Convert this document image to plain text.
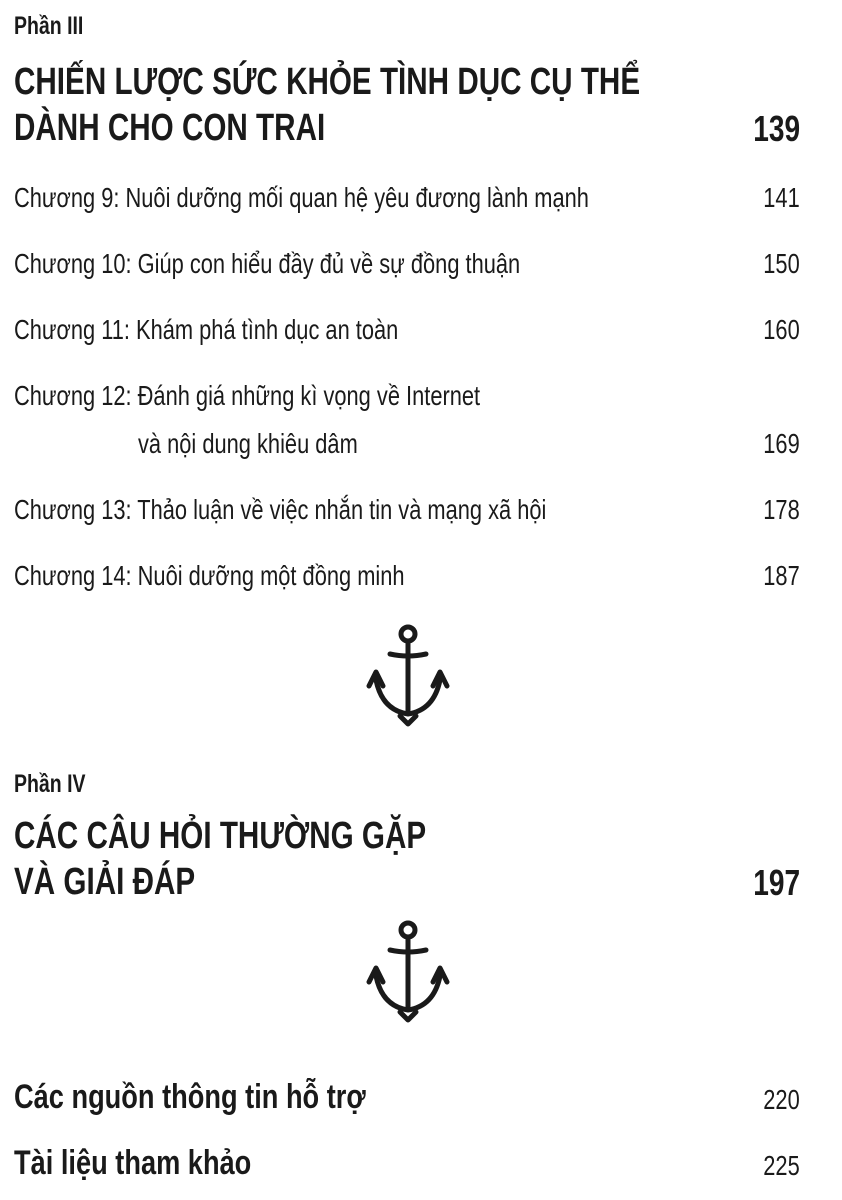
Phần III
CHIẾN LƯỢC SỨC KHỎE TÌNH DỤC CỤ THỂ
DÀNH CHO CON TRAI	139
Chương 9: Nuôi dưỡng mối quan hệ yêu đương lành mạnh	141
Chương 10: Giúp con hiểu đầy đủ về sự đồng thuận	150
Chương 11: Khám phá tình dục an toàn	160
Chương 12: Đánh giá những kì vọng về Internet
và nội dung khiêu dâm	169
Chương 13: Thảo luận về việc nhắn tin và mạng xã hội	178
Chương 14: Nuôi dưỡng một đồng minh	187
Phần IV
CÁC CÂU HỎI THƯỜNG GẶP
VÀ GIẢI ĐÁP	197
Các nguồn thông tin hỗ trợ	220
Tài liệu tham khảo	225
